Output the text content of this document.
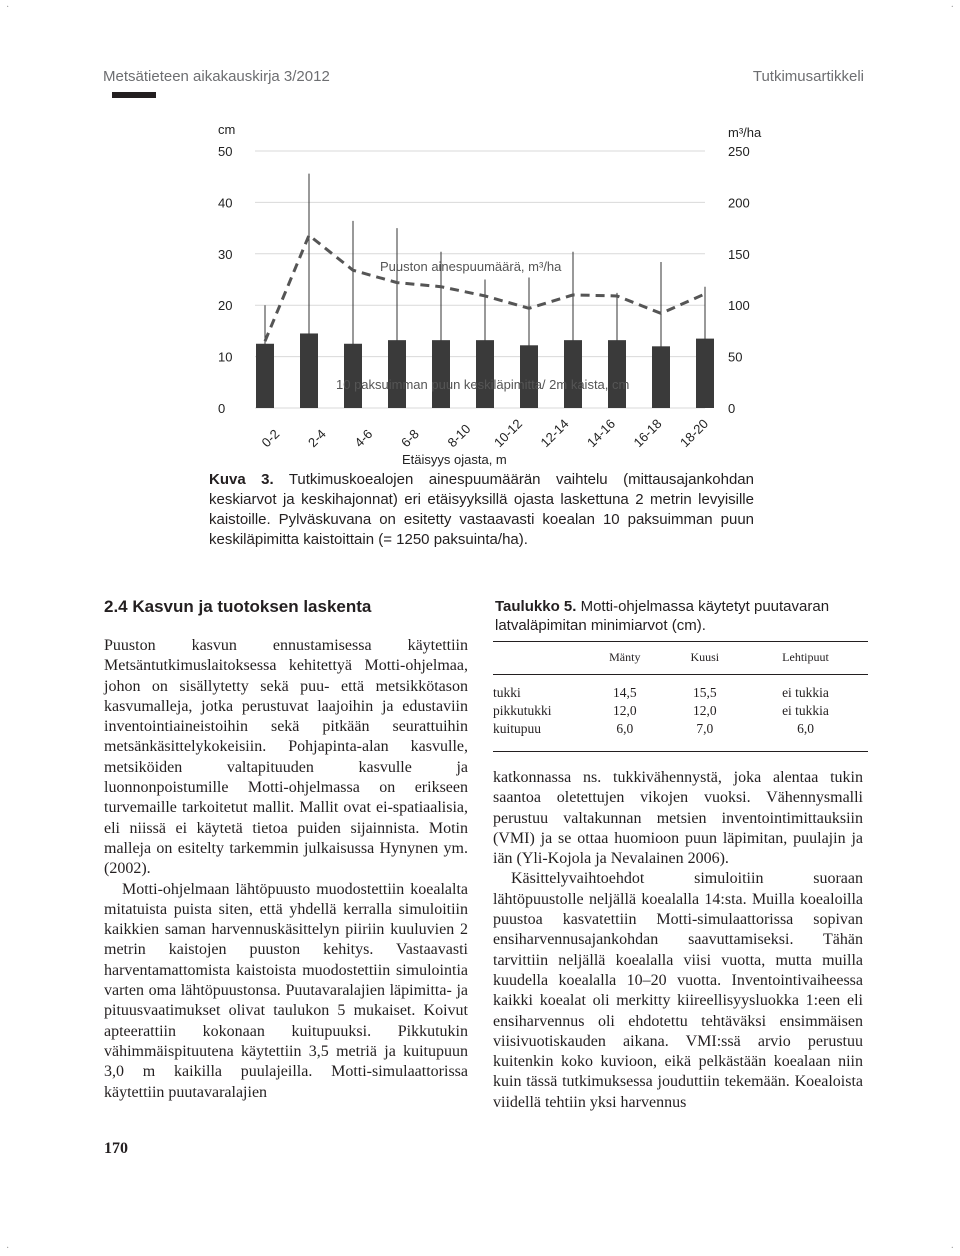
·	·
·	·
Metsätieteen aikakauskirja 3/2012	Tutkimusartikkeli
0	0
10	50
20	100
30	150
40	200
50	250
cm	m³/ha
Puuston ainespuumäärä, m³/ha
10 paksuimman puun keskiläpimitta/ 2m kaista, cm
0-2 2-4 4-6 6-8 8-10 10-12 12-14 14-16 16-18 18-20
Etäisyys ojasta, m
Kuva 3. Tutkimuskoealojen ainespuumäärän vaihtelu (mittausajankohdan keskiarvot ja keskihajonnat) eri etäisyyksillä ojasta laskettuna 2 metrin levyisille kaistoille. Pylväskuvana on esitetty vastaavasti koealan 10 paksuimman puun keskiläpimitta kaistoittain (= 1250 paksuinta/ha).
2.4 Kasvun ja tuotoksen laskenta

Puuston kasvun ennustamisessa käytettiin Metsäntutkimuslaitoksessa kehitettyä Motti-ohjelmaa, johon on sisällytetty sekä puu- että metsikkötason kasvumalleja, jotka perustuvat laajoihin ja edustaviin inventointiaineistoihin sekä pitkään seurattuihin metsänkäsittelykokeisiin. Pohjapinta-alan kasvulle, metsiköiden valtapituuden kasvulle ja luonnonpoistumille Motti-ohjelmassa on erikseen turvemaille tarkoitetut mallit. Mallit ovat ei-spatiaalisia, eli niissä ei käytetä tietoa puiden sijainnista. Motin malleja on esitelty tarkemmin julkaisussa Hynynen ym. (2002).

Motti-ohjelmaan lähtöpuusto muodostettiin koealalta mitatuista puista siten, että yhdellä kerralla simuloitiin kaikkien saman harvennuskäsittelyn piiriin kuuluvien 2 metrin kaistojen puuston kehitys. Vastaavasti harventamattomista kaistoista muodostettiin simulointia varten oma lähtöpuustonsa. Puutavaralajien läpimitta- ja pituusvaatimukset olivat taulukon 5 mukaiset. Koivut apteerattiin kokonaan kuitupuuksi. Pikkutukin vähimmäispituutena käytettiin 3,5 metriä ja kuitupuun 3,0 m kaikilla puulajeilla. Motti-simulaattorissa käytettiin puutavaralajien

Taulukko 5. Motti-ohjelmassa käytetyt puutavaran latvaläpimitan minimiarvot (cm).
	Mänty	Kuusi	Lehtipuut
tukki	14,5	15,5	ei tukkia
pikkutukki	12,0	12,0	ei tukkia
kuitupuu	6,0	7,0	6,0

katkonnassa ns. tukkivähennystä, joka alentaa tukin saantoa oletettujen vikojen vuoksi. Vähennysmalli perustuu valtakunnan metsien inventointimittauksiin (VMI) ja se ottaa huomioon puun läpimitan, puulajin ja iän (Yli-Kojola ja Nevalainen 2006).

Käsittelyvaihtoehdot simuloitiin suoraan lähtöpuustolle neljällä koealalla 14:sta. Muilla koealoilla puustoa kasvatettiin Motti-simulaattorissa sopivan ensiharvennusajankohdan saavuttamiseksi. Tähän tarvittiin neljällä koealalla viisi vuotta, mutta muilla kuudella koealalla 10–20 vuotta. Inventointivaiheessa kaikki koealat oli merkitty kiireellisyysluokka 1:een eli ensiharvennus oli ehdotettu tehtäväksi ensimmäisen viisivuotiskauden aikana. VMI:ssä arvio perustuu kuitenkin koko kuvioon, eikä pelkästään koealaan niin kuin tässä tutkimuksessa jouduttiin tekemään. Koealoista viidellä tehtiin yksi harvennus

170
